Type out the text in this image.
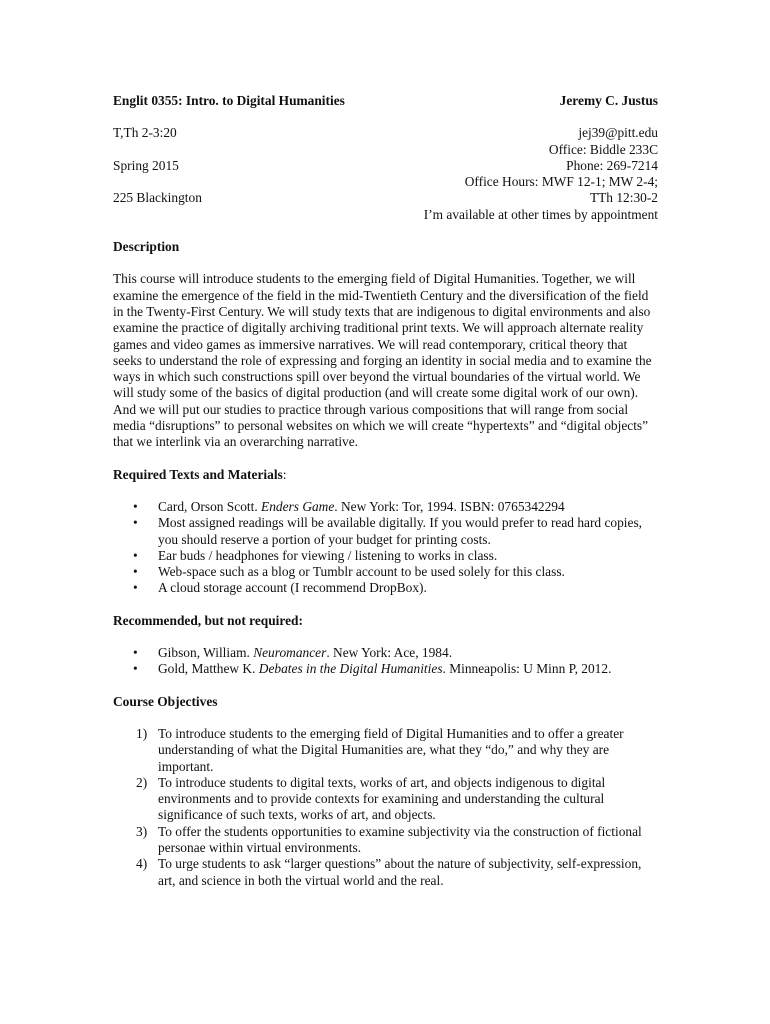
Englit 0355: Intro. to Digital Humanities	Jeremy C. Justus
T,Th 2-3:20
Spring 2015
225 Blackington
jej39@pitt.edu
Office: Biddle 233C
Phone: 269-7214
Office Hours: MWF 12-1; MW 2-4;
TTh 12:30-2
I’m available at other times by appointment
Description

This course will introduce students to the emerging field of Digital Humanities. Together, we will examine the emergence of the field in the mid-Twentieth Century and the diversification of the field in the Twenty-First Century. We will study texts that are indigenous to digital environments and also examine the practice of digitally archiving traditional print texts. We will approach alternate reality games and video games as immersive narratives. We will read contemporary, critical theory that seeks to understand the role of expressing and forging an identity in social media and to examine the ways in which such constructions spill over beyond the virtual boundaries of the virtual world. We will study some of the basics of digital production (and will create some digital work of our own). And we will put our studies to practice through various compositions that will range from social media “disruptions” to personal websites on which we will create “hypertexts” and “digital objects” that we interlink via an overarching narrative.

Required Texts and Materials:
• Card, Orson Scott. Enders Game. New York: Tor, 1994. ISBN: 0765342294
• Most assigned readings will be available digitally. If you would prefer to read hard copies, you should reserve a portion of your budget for printing costs.
• Ear buds / headphones for viewing / listening to works in class.
• Web-space such as a blog or Tumblr account to be used solely for this class.
• A cloud storage account (I recommend DropBox).
Recommended, but not required:
• Gibson, William. Neuromancer. New York: Ace, 1984.
• Gold, Matthew K. Debates in the Digital Humanities. Minneapolis: U Minn P, 2012.
Course Objectives
1) To introduce students to the emerging field of Digital Humanities and to offer a greater understanding of what the Digital Humanities are, what they “do,” and why they are important.
2) To introduce students to digital texts, works of art, and objects indigenous to digital environments and to provide contexts for examining and understanding the cultural significance of such texts, works of art, and objects.
3) To offer the students opportunities to examine subjectivity via the construction of fictional personae within virtual environments.
4) To urge students to ask “larger questions” about the nature of subjectivity, self-expression, art, and science in both the virtual world and the real.
